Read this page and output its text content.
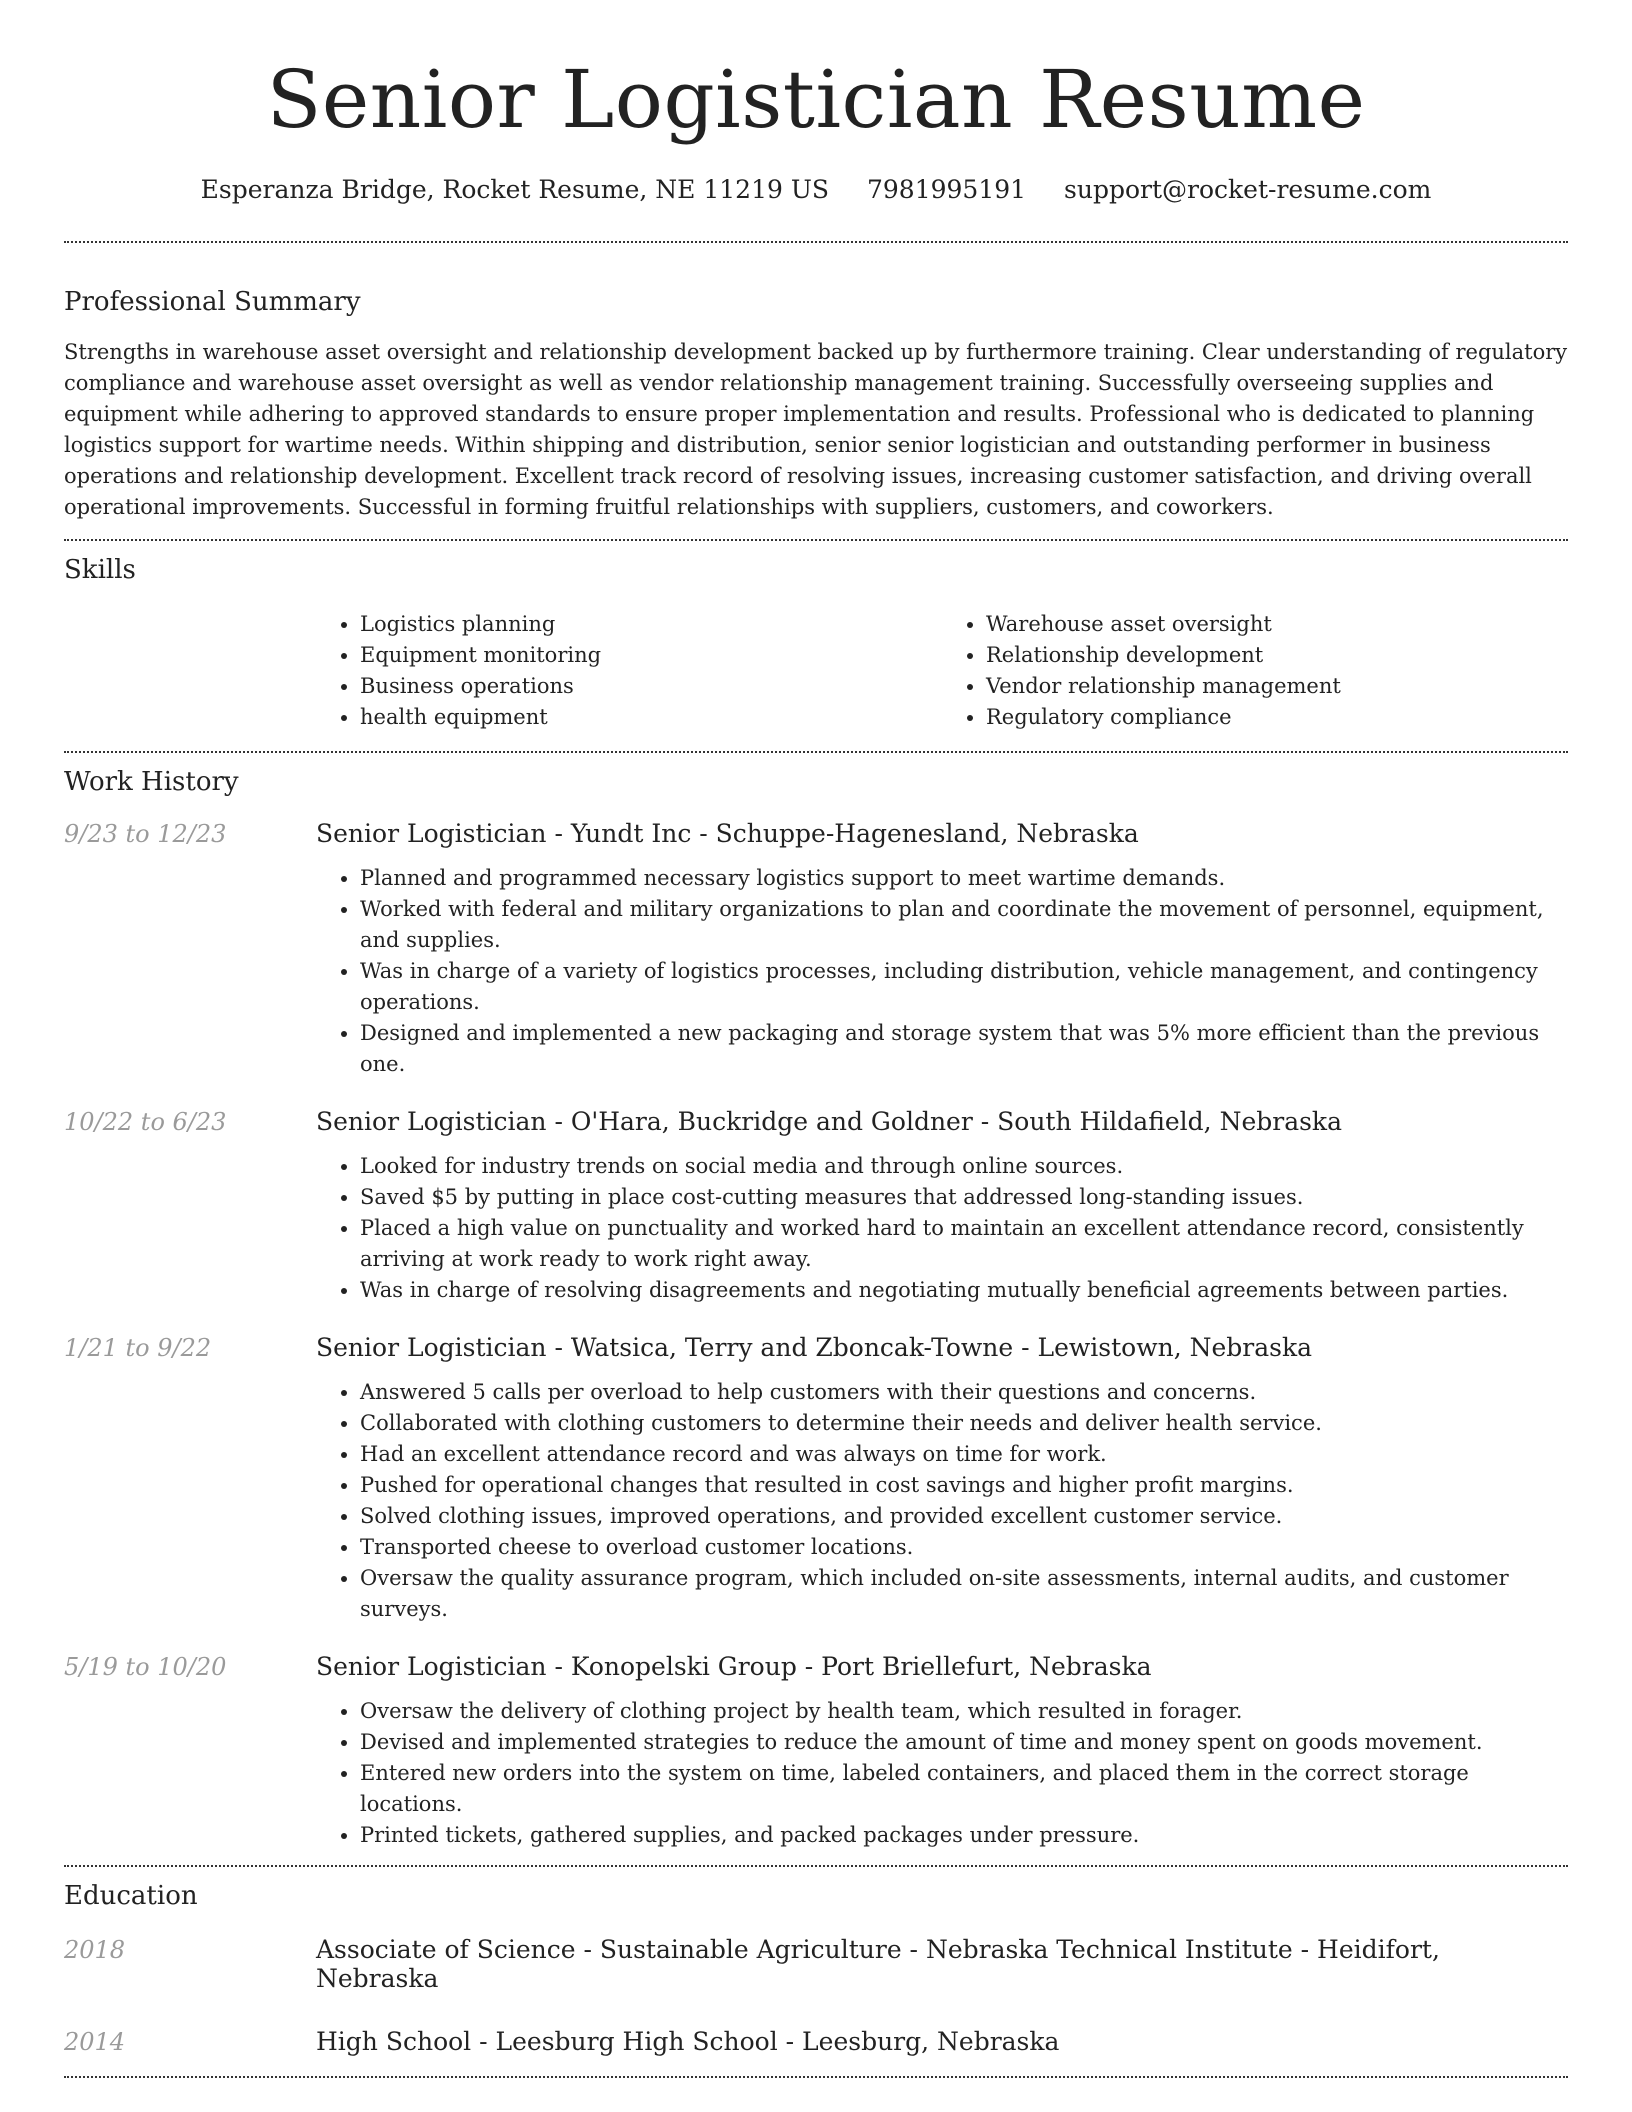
Senior Logistician Resume
Esperanza Bridge, Rocket Resume, NE 11219 US 7981995191 support@rocket-resume.com
Professional Summary

Strengths in warehouse asset oversight and relationship development backed up by furthermore training. Clear understanding of regulatory compliance and warehouse asset oversight as well as vendor relationship management training. Successfully overseeing supplies and equipment while adhering to approved standards to ensure proper implementation and results. Professional who is dedicated to planning logistics support for wartime needs. Within shipping and distribution, senior senior logistician and outstanding performer in business operations and relationship development. Excellent track record of resolving issues, increasing customer satisfaction, and driving overall operational improvements. Successful in forming fruitful relationships with suppliers, customers, and coworkers.

Skills
• Logistics planning
• Equipment monitoring
• Business operations
• health equipment
• Warehouse asset oversight
• Relationship development
• Vendor relationship management
• Regulatory compliance
Work History
9/23 to 12/23	Senior Logistician - Yundt Inc - Schuppe-Hagenesland, Nebraska
• Planned and programmed necessary logistics support to meet wartime demands.
• Worked with federal and military organizations to plan and coordinate the movement of personnel, equipment, and supplies.
• Was in charge of a variety of logistics processes, including distribution, vehicle management, and contingency operations.
• Designed and implemented a new packaging and storage system that was 5% more efficient than the previous one.
10/22 to 6/23	Senior Logistician - O'Hara, Buckridge and Goldner - South Hildafield, Nebraska
• Looked for industry trends on social media and through online sources.
• Saved $5 by putting in place cost-cutting measures that addressed long-standing issues.
• Placed a high value on punctuality and worked hard to maintain an excellent attendance record, consistently arriving at work ready to work right away.
• Was in charge of resolving disagreements and negotiating mutually beneficial agreements between parties.
1/21 to 9/22	Senior Logistician - Watsica, Terry and Zboncak-Towne - Lewistown, Nebraska
• Answered 5 calls per overload to help customers with their questions and concerns.
• Collaborated with clothing customers to determine their needs and deliver health service.
• Had an excellent attendance record and was always on time for work.
• Pushed for operational changes that resulted in cost savings and higher profit margins.
• Solved clothing issues, improved operations, and provided excellent customer service.
• Transported cheese to overload customer locations.
• Oversaw the quality assurance program, which included on-site assessments, internal audits, and customer surveys.
5/19 to 10/20	Senior Logistician - Konopelski Group - Port Briellefurt, Nebraska
• Oversaw the delivery of clothing project by health team, which resulted in forager.
• Devised and implemented strategies to reduce the amount of time and money spent on goods movement.
• Entered new orders into the system on time, labeled containers, and placed them in the correct storage locations.
• Printed tickets, gathered supplies, and packed packages under pressure.
Education
2018	Associate of Science - Sustainable Agriculture - Nebraska Technical Institute - Heidifort, Nebraska
2014	High School - Leesburg High School - Leesburg, Nebraska
